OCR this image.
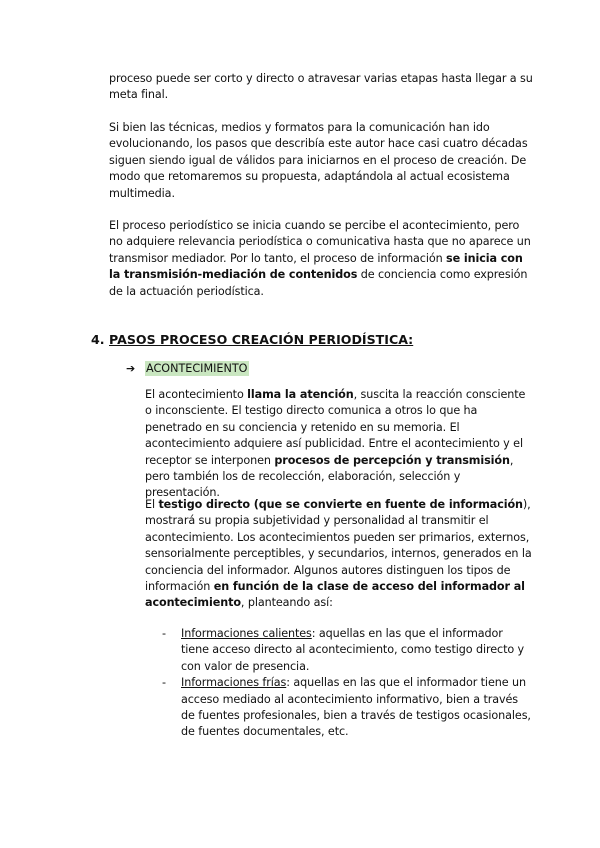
proceso puede ser corto y directo o atravesar varias etapas hasta llegar a su meta final.

Si bien las técnicas, medios y formatos para la comunicación han ido evolucionando, los pasos que describía este autor hace casi cuatro décadas siguen siendo igual de válidos para iniciarnos en el proceso de creación. De modo que retomaremos su propuesta, adaptándola al actual ecosistema multimedia.

El proceso periodístico se inicia cuando se percibe el acontecimiento, pero no adquiere relevancia periodística o comunicativa hasta que no aparece un transmisor mediador. Por lo tanto, el proceso de información se inicia con la transmisión-mediación de contenidos de conciencia como expresión de la actuación periodística.

4. PASOS PROCESO CREACIÓN PERIODÍSTICA:
➔ ACONTECIMIENTO

El acontecimiento llama la atención, suscita la reacción consciente o inconsciente. El testigo directo comunica a otros lo que ha penetrado en su conciencia y retenido en su memoria. El acontecimiento adquiere así publicidad. Entre el acontecimiento y el receptor se interponen procesos de percepción y transmisión, pero también los de recolección, elaboración, selección y presentación.

El testigo directo (que se convierte en fuente de información), mostrará su propia subjetividad y personalidad al transmitir el acontecimiento. Los acontecimientos pueden ser primarios, externos, sensorialmente perceptibles, y secundarios, internos, generados en la conciencia del informador. Algunos autores distinguen los tipos de información en función de la clase de acceso del informador al acontecimiento, planteando así:

- Informaciones calientes: aquellas en las que el informador tiene acceso directo al acontecimiento, como testigo directo y con valor de presencia.
- Informaciones frías: aquellas en las que el informador tiene un acceso mediado al acontecimiento informativo, bien a través de fuentes profesionales, bien a través de testigos ocasionales, de fuentes documentales, etc.
